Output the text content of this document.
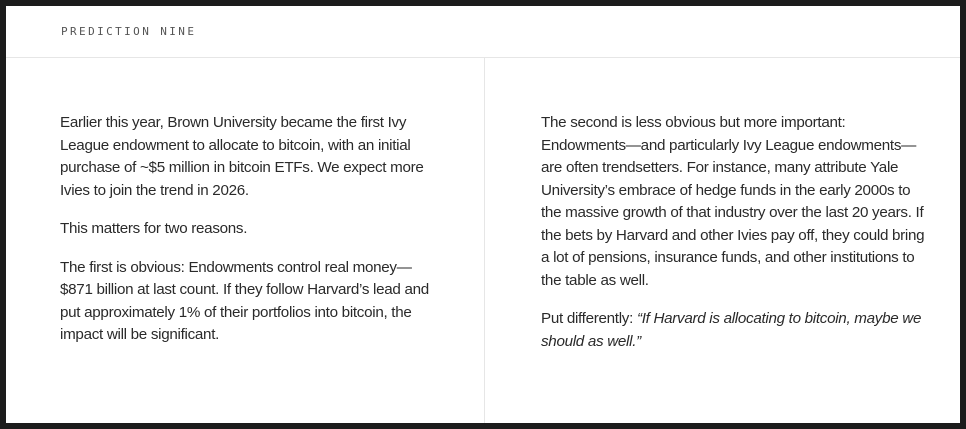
PREDICTION NINE

Earlier this year, Brown University became the first Ivy League endowment to allocate to bitcoin, with an initial purchase of ~$5 million in bitcoin ETFs. We expect more Ivies to join the trend in 2026.

This matters for two reasons.

The first is obvious: Endowments control real money—$871 billion at last count. If they follow Harvard’s lead and put approximately 1% of their portfolios into bitcoin, the impact will be significant.

The second is less obvious but more important: Endowments—and particularly Ivy League endowments—are often trendsetters. For instance, many attribute Yale University’s embrace of hedge funds in the early 2000s to the massive growth of that industry over the last 20 years. If the bets by Harvard and other Ivies pay off, they could bring a lot of pensions, insurance funds, and other institutions to the table as well.

Put differently: “If Harvard is allocating to bitcoin, maybe we should as well.”
